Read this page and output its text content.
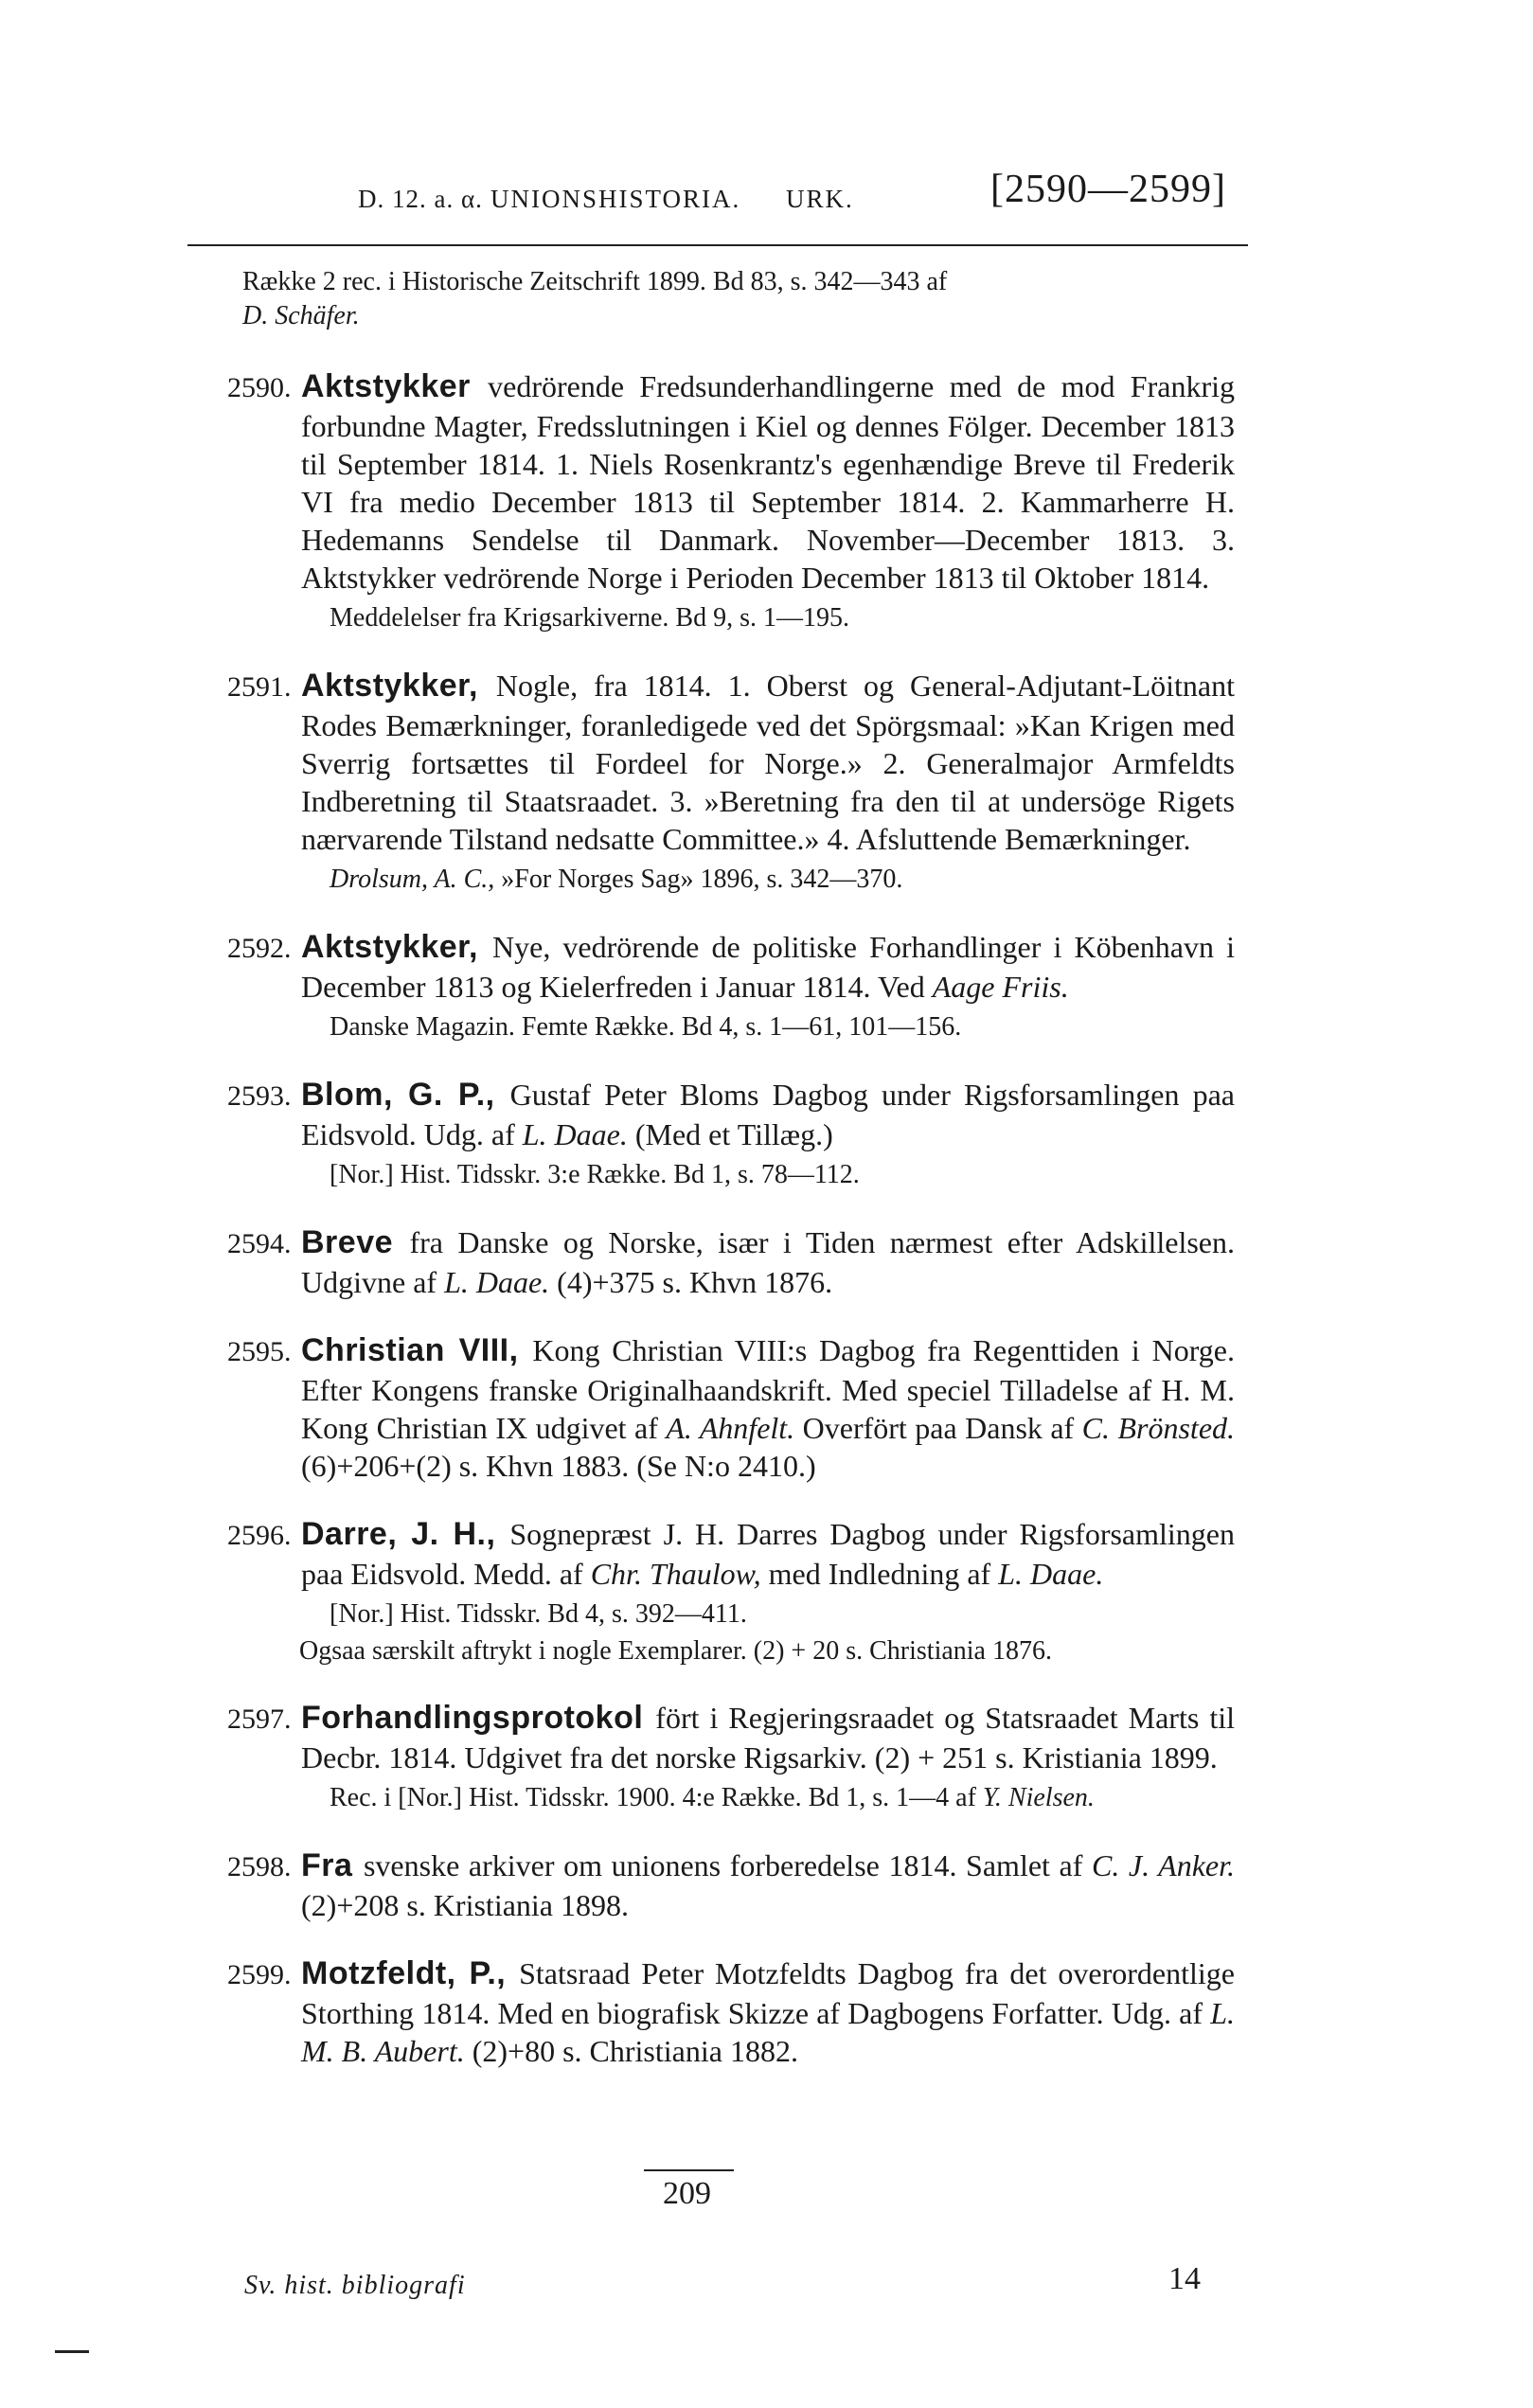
D. 12. a. α. UNIONSHISTORIA. URK.	[2590—2599]
Række 2 rec. i Historische Zeitschrift 1899. Bd 83, s. 342—343 af
D. Schäfer.
2590.Aktstykker vedrörende Fredsunderhandlingerne med de mod Frankrig forbundne Magter, Fredsslutningen i Kiel og dennes Fölger. December 1813 til September 1814. 1. Niels Rosenkrantz's egenhændige Breve til Frederik VI fra medio December 1813 til September 1814. 2. Kammarherre H. Hedemanns Sendelse til Danmark. November—December 1813. 3. Aktstykker vedrörende Norge i Perioden December 1813 til Oktober 1814.
Meddelelser fra Krigsarkiverne. Bd 9, s. 1—195.
2591.Aktstykker, Nogle, fra 1814. 1. Oberst og General-Adjutant-Löitnant Rodes Bemærkninger, foranledigede ved det Spörgsmaal: »Kan Krigen med Sverrig fortsættes til Fordeel for Norge.» 2. Generalmajor Armfeldts Indberetning til Staatsraadet. 3. »Beretning fra den til at undersöge Rigets nærvarende Tilstand nedsatte Committee.» 4. Afsluttende Bemærkninger.
Drolsum, A. C., »For Norges Sag» 1896, s. 342—370.
2592.Aktstykker, Nye, vedrörende de politiske Forhandlinger i Köbenhavn i December 1813 og Kielerfreden i Januar 1814. Ved Aage Friis.
Danske Magazin. Femte Række. Bd 4, s. 1—61, 101—156.
2593.Blom, G. P., Gustaf Peter Bloms Dagbog under Rigsforsamlingen paa Eidsvold. Udg. af L. Daae. (Med et Tillæg.)
[Nor.] Hist. Tidsskr. 3:e Række. Bd 1, s. 78—112.
2594.Breve fra Danske og Norske, især i Tiden nærmest efter Adskillelsen. Udgivne af L. Daae. (4)+375 s. Khvn 1876.
2595.Christian VIII, Kong Christian VIII:s Dagbog fra Regenttiden i Norge. Efter Kongens franske Originalhaandskrift. Med speciel Tilladelse af H. M. Kong Christian IX udgivet af A. Ahnfelt. Overfört paa Dansk af C. Brönsted. (6)+206+(2) s. Khvn 1883. (Se N:o 2410.)
2596.Darre, J. H., Sognepræst J. H. Darres Dagbog under Rigsforsamlingen paa Eidsvold. Medd. af Chr. Thaulow, med Indledning af L. Daae.
[Nor.] Hist. Tidsskr. Bd 4, s. 392—411.
Ogsaa særskilt aftrykt i nogle Exemplarer. (2) + 20 s. Christiania 1876.
2597.Forhandlingsprotokol fört i Regjeringsraadet og Statsraadet Marts til Decbr. 1814. Udgivet fra det norske Rigsarkiv. (2) + 251 s. Kristiania 1899.
Rec. i [Nor.] Hist. Tidsskr. 1900. 4:e Række. Bd 1, s. 1—4 af Y. Nielsen.
2598.Fra svenske arkiver om unionens forberedelse 1814. Samlet af C. J. Anker. (2)+208 s. Kristiania 1898.
2599.Motzfeldt, P., Statsraad Peter Motzfeldts Dagbog fra det overordentlige Storthing 1814. Med en biografisk Skizze af Dagbogens Forfatter. Udg. af L. M. B. Aubert. (2)+80 s. Christiania 1882.
209
Sv. hist. bibliografi	14
